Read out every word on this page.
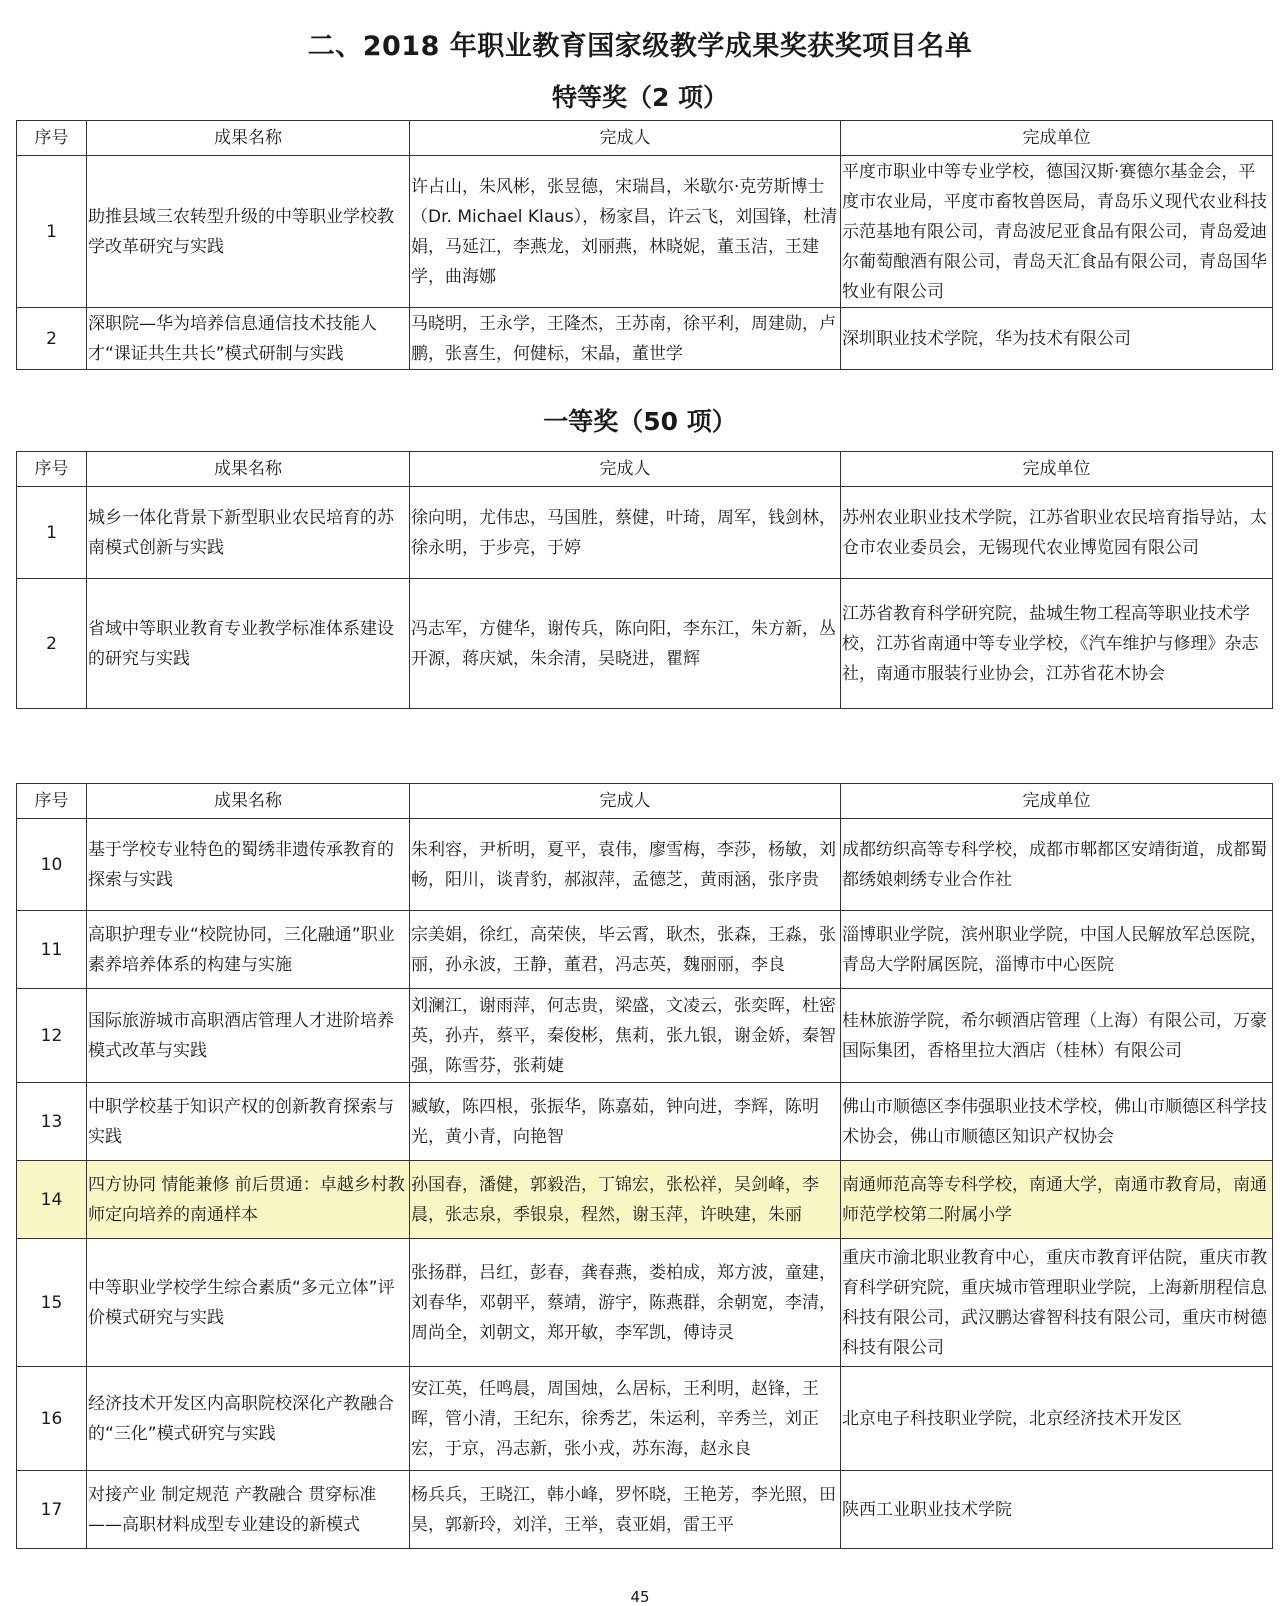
二、2018 年职业教育国家级教学成果奖获奖项目名单
特等奖（2 项）
序号	成果名称	完成人	完成单位
1	助推县域三农转型升级的中等职业学校教学改革研究与实践	许占山，朱风彬，张昱德，宋瑞昌，米歇尔·克劳斯博士（Dr. Michael Klaus），杨家昌，许云飞，刘国锋，杜清娟，马延江，李燕龙，刘丽燕，林晓妮，董玉洁，王建学，曲海娜	平度市职业中等专业学校，德国汉斯·赛德尔基金会，平度市农业局，平度市畜牧兽医局，青岛乐义现代农业科技示范基地有限公司，青岛波尼亚食品有限公司，青岛爱迪尔葡萄酿酒有限公司，青岛天汇食品有限公司，青岛国华牧业有限公司
2	深职院—华为培养信息通信技术技能人才“课证共生共长”模式研制与实践	马晓明，王永学，王隆杰，王苏南，徐平利，周建勋，卢鹏，张喜生，何健标，宋晶，董世学	深圳职业技术学院，华为技术有限公司
一等奖（50 项）
序号	成果名称	完成人	完成单位
1	城乡一体化背景下新型职业农民培育的苏南模式创新与实践	徐向明，尤伟忠，马国胜，蔡健，叶琦，周军，钱剑林，徐永明，于步亮，于婷	苏州农业职业技术学院，江苏省职业农民培育指导站，太仓市农业委员会，无锡现代农业博览园有限公司
2	省域中等职业教育专业教学标准体系建设的研究与实践	冯志军，方健华，谢传兵，陈向阳，李东江，朱方新，丛开源，蒋庆斌，朱余清，吴晓进，瞿辉	江苏省教育科学研究院，盐城生物工程高等职业技术学校，江苏省南通中等专业学校，《汽车维护与修理》杂志社，南通市服装行业协会，江苏省花木协会
序号	成果名称	完成人	完成单位
10	基于学校专业特色的蜀绣非遗传承教育的探索与实践	朱利容，尹析明，夏平，袁伟，廖雪梅，李莎，杨敏，刘畅，阳川，谈青豹，郝淑萍，孟德芝，黄雨涵，张序贵	成都纺织高等专科学校，成都市郫都区安靖街道，成都蜀都绣娘刺绣专业合作社
11	高职护理专业“校院协同，三化融通”职业素养培养体系的构建与实施	宗美娟，徐红，高荣侠，毕云霄，耿杰，张森，王淼，张丽，孙永波，王静，董君，冯志英，魏丽丽，李良	淄博职业学院，滨州职业学院，中国人民解放军总医院，青岛大学附属医院，淄博市中心医院
12	国际旅游城市高职酒店管理人才进阶培养模式改革与实践	刘澜江，谢雨萍，何志贵，梁盛，文凌云，张奕晖，杜密英，孙卉，蔡平，秦俊彬，焦莉，张九银，谢金娇，秦智强，陈雪芬，张莉婕	桂林旅游学院，希尔顿酒店管理（上海）有限公司，万豪国际集团，香格里拉大酒店（桂林）有限公司
13	中职学校基于知识产权的创新教育探索与实践	臧敏，陈四根，张振华，陈嘉茹，钟向进，李辉，陈明光，黄小青，向艳智	佛山市顺德区李伟强职业技术学校，佛山市顺德区科学技术协会，佛山市顺德区知识产权协会
14	四方协同 情能兼修 前后贯通：卓越乡村教师定向培养的南通样本	孙国春，潘健，郭毅浩，丁锦宏，张松祥，吴剑峰，李晨，张志泉，季银泉，程然，谢玉萍，许映建，朱丽	南通师范高等专科学校，南通大学，南通市教育局，南通师范学校第二附属小学
15	中等职业学校学生综合素质“多元立体”评价模式研究与实践	张扬群，吕红，彭春，龚春燕，娄柏成，郑方波，童建，刘春华，邓朝平，蔡靖，游宇，陈燕群，余朝宽，李清，周尚全，刘朝文，郑开敏，李军凯，傅诗灵	重庆市渝北职业教育中心，重庆市教育评估院，重庆市教育科学研究院，重庆城市管理职业学院，上海新朋程信息科技有限公司，武汉鹏达睿智科技有限公司，重庆市树德科技有限公司
16	经济技术开发区内高职院校深化产教融合的“三化”模式研究与实践	安江英，任鸣晨，周国烛，么居标，王利明，赵锋，王晖，管小清，王纪东，徐秀艺，朱运利，辛秀兰，刘正宏，于京，冯志新，张小戎，苏东海，赵永良	北京电子科技职业学院，北京经济技术开发区
17	对接产业 制定规范 产教融合 贯穿标准——高职材料成型专业建设的新模式	杨兵兵，王晓江，韩小峰，罗怀晓，王艳芳，李光照，田昊，郭新玲，刘洋，王举，袁亚娟，雷王平	陕西工业职业技术学院
45
